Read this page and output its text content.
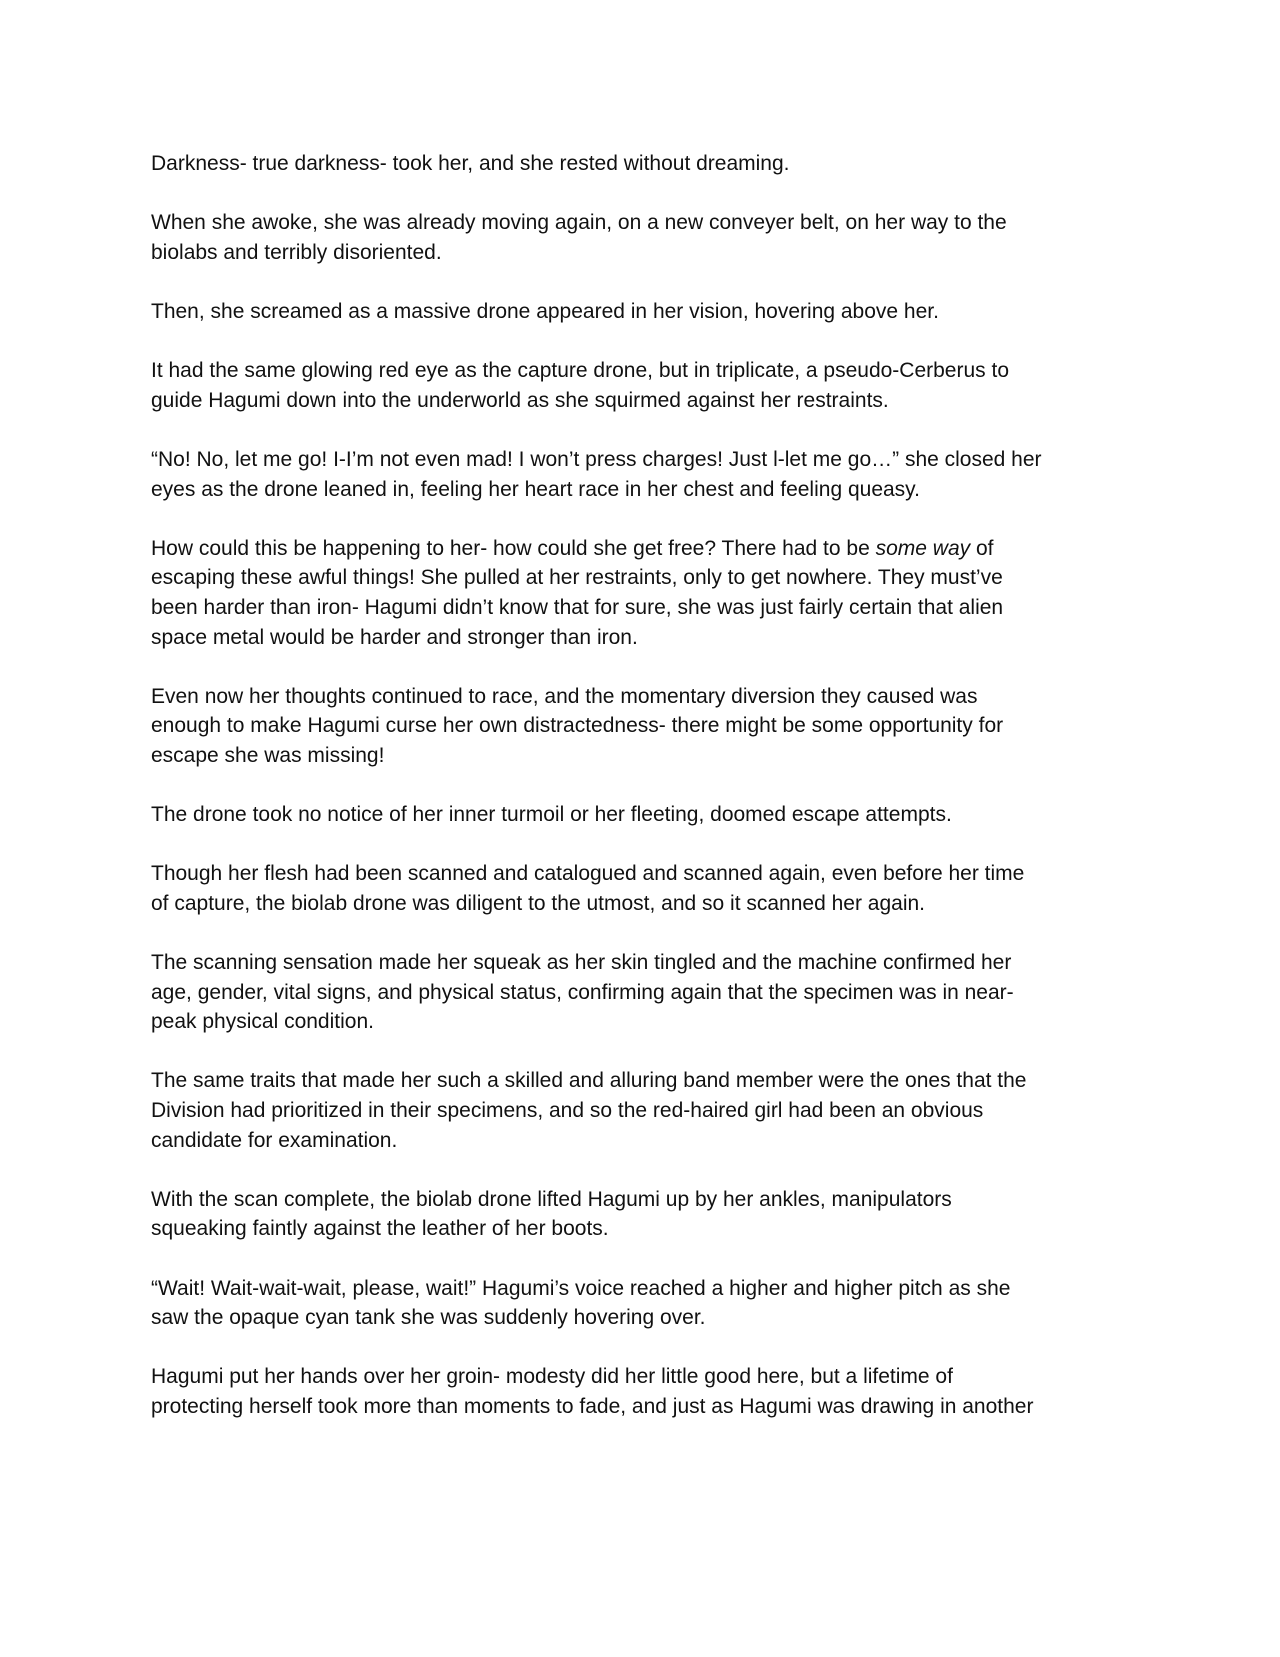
Darkness- true darkness- took her, and she rested without dreaming.

When she awoke, she was already moving again, on a new conveyer belt, on her way to the
biolabs and terribly disoriented.

Then, she screamed as a massive drone appeared in her vision, hovering above her.

It had the same glowing red eye as the capture drone, but in triplicate, a pseudo-Cerberus to
guide Hagumi down into the underworld as she squirmed against her restraints.

“No! No, let me go! I-I’m not even mad! I won’t press charges! Just l-let me go…” she closed her
eyes as the drone leaned in, feeling her heart race in her chest and feeling queasy.

How could this be happening to her- how could she get free? There had to be some way of
escaping these awful things! She pulled at her restraints, only to get nowhere. They must’ve
been harder than iron- Hagumi didn’t know that for sure, she was just fairly certain that alien
space metal would be harder and stronger than iron.

Even now her thoughts continued to race, and the momentary diversion they caused was
enough to make Hagumi curse her own distractedness- there might be some opportunity for
escape she was missing!

The drone took no notice of her inner turmoil or her fleeting, doomed escape attempts.

Though her flesh had been scanned and catalogued and scanned again, even before her time
of capture, the biolab drone was diligent to the utmost, and so it scanned her again.

The scanning sensation made her squeak as her skin tingled and the machine confirmed her
age, gender, vital signs, and physical status, confirming again that the specimen was in near-
peak physical condition.

The same traits that made her such a skilled and alluring band member were the ones that the
Division had prioritized in their specimens, and so the red-haired girl had been an obvious
candidate for examination.

With the scan complete, the biolab drone lifted Hagumi up by her ankles, manipulators
squeaking faintly against the leather of her boots.

“Wait! Wait-wait-wait, please, wait!” Hagumi’s voice reached a higher and higher pitch as she
saw the opaque cyan tank she was suddenly hovering over.

Hagumi put her hands over her groin- modesty did her little good here, but a lifetime of
protecting herself took more than moments to fade, and just as Hagumi was drawing in another
